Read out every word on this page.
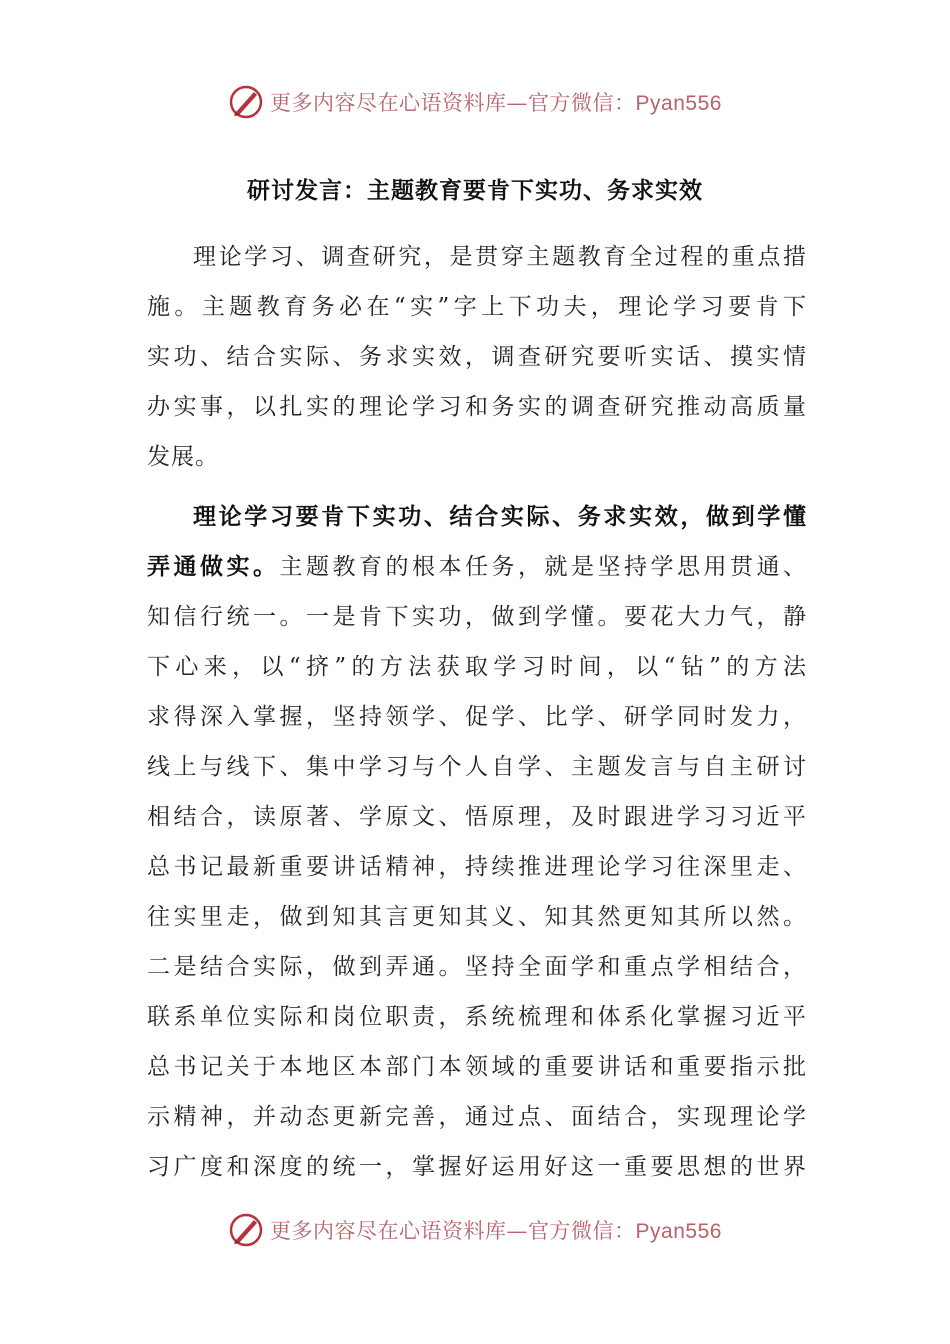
更多内容尽在心语资料库—官方微信：Pyan556
研讨发言：主题教育要肯下实功、务求实效
理论学习、调查研究，是贯穿主题教育全过程的重点措
施。主题教育务必在“实”字上下功夫，理论学习要肯下
实功、结合实际、务求实效，调查研究要听实话、摸实情
办实事，以扎实的理论学习和务实的调查研究推动高质量
发展。
理论学习要肯下实功、结合实际、务求实效，做到学懂
弄通做实。主题教育的根本任务，就是坚持学思用贯通、
知信行统一。一是肯下实功，做到学懂。要花大力气，静
下心来，以“挤”的方法获取学习时间，以“钻”的方法
求得深入掌握，坚持领学、促学、比学、研学同时发力，
线上与线下、集中学习与个人自学、主题发言与自主研讨
相结合，读原著、学原文、悟原理，及时跟进学习习近平
总书记最新重要讲话精神，持续推进理论学习往深里走、
往实里走，做到知其言更知其义、知其然更知其所以然。
二是结合实际，做到弄通。坚持全面学和重点学相结合，
联系单位实际和岗位职责，系统梳理和体系化掌握习近平
总书记关于本地区本部门本领域的重要讲话和重要指示批
示精神，并动态更新完善，通过点、面结合，实现理论学
习广度和深度的统一，掌握好运用好这一重要思想的世界
更多内容尽在心语资料库—官方微信：Pyan556
